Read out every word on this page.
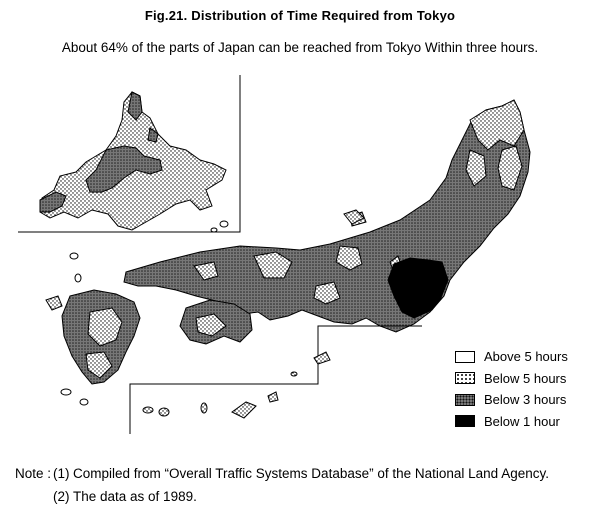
Fig.21. Distribution of Time Required from Tokyo
About 64% of the parts of Japan can be reached from Tokyo Within three hours.
Above 5 hours
Below 5 hours
Below 3 hours
Below 1 hour
Note : (1) Compiled from “Overall Traffic Systems Database” of the National Land Agency.
(2) The data as of 1989.
